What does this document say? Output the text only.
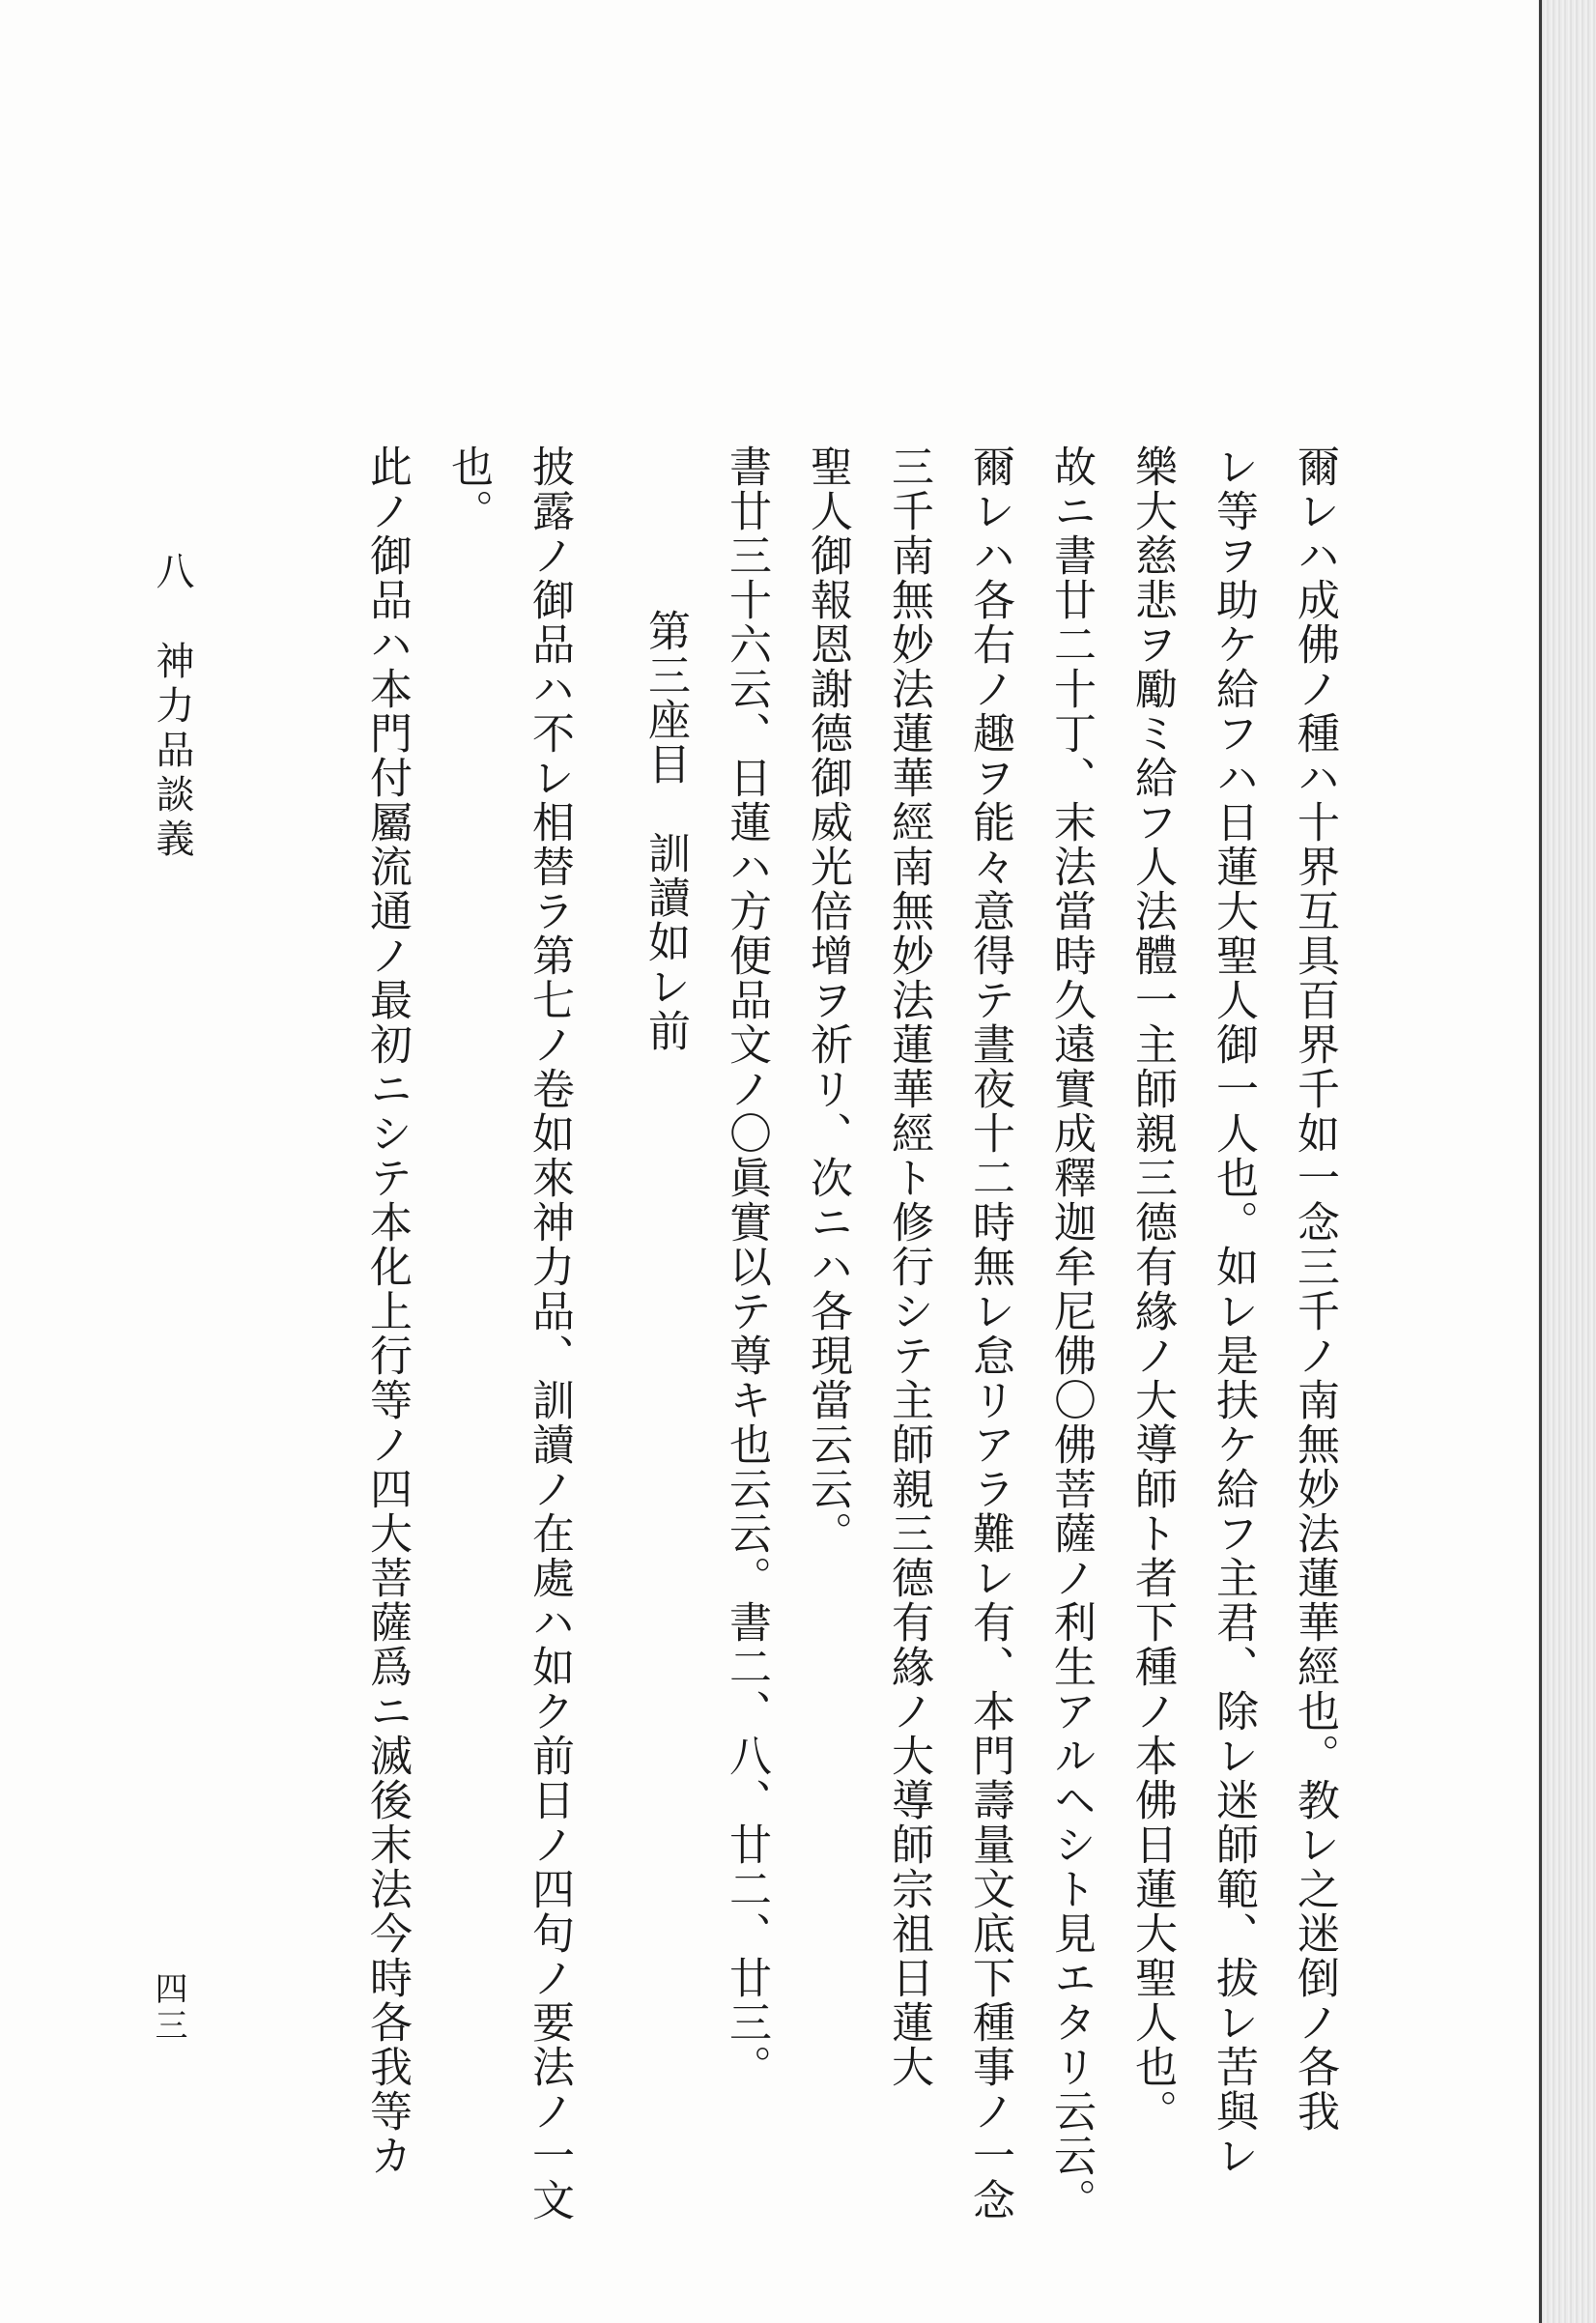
爾レハ成佛ノ種ハ十界互具百界千如一念三千ノ南無妙法蓮華經也。教レ之迷倒ノ各我
レ等ヲ助ケ給フハ日蓮大聖人御一人也。如レ是扶ケ給フ主君、除レ迷師範、拔レ苦與レ
樂大慈悲ヲ勵ミ給フ人法體一主師親三德有緣ノ大導師ト者下種ノ本佛日蓮大聖人也。
故ニ書廿二十丁、末法當時久遠實成釋迦牟尼佛〇佛菩薩ノ利生アルヘシト見エタリ云云。
爾レハ各右ノ趣ヲ能々意得テ晝夜十二時無レ怠リアラ難レ有、本門壽量文底下種事ノ一念
三千南無妙法蓮華經南無妙法蓮華經ト修行シテ主師親三德有緣ノ大導師宗祖日蓮大
聖人御報恩謝德御威光倍增ヲ祈リ、次ニハ各現當云云。
書廿三十六云、日蓮ハ方便品文ノ〇眞實以テ尊キ也云云。書二、八、廿二、廿三。
第三座目　訓讀如レ前
披露ノ御品ハ不レ相替ラ第七ノ卷如來神力品、訓讀ノ在處ハ如ク前日ノ四句ノ要法ノ一文
也。
此ノ御品ハ本門付屬流通ノ最初ニシテ本化上行等ノ四大菩薩爲ニ滅後末法今時各我等カ
八 神力品談義
四三
